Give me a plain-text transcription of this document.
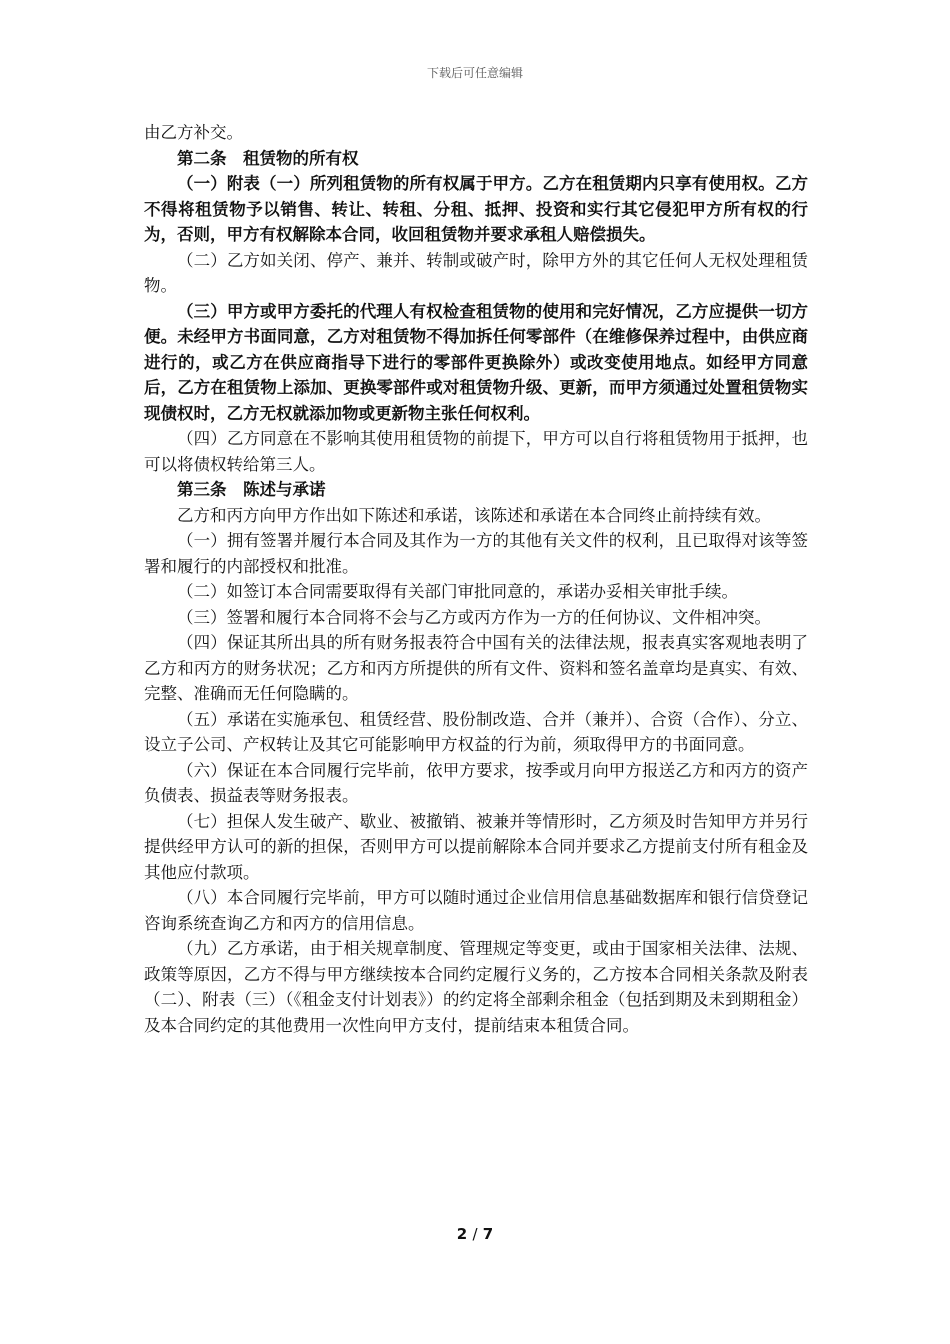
下载后可任意编辑

由乙方补交。

第二条　租赁物的所有权

（一）附表（一）所列租赁物的所有权属于甲方。乙方在租赁期内只享有使用权。乙方不得将租赁物予以销售、转让、转租、分租、抵押、投资和实行其它侵犯甲方所有权的行为，否则，甲方有权解除本合同，收回租赁物并要求承租人赔偿损失。

（二）乙方如关闭、停产、兼并、转制或破产时，除甲方外的其它任何人无权处理租赁物。

（三）甲方或甲方委托的代理人有权检查租赁物的使用和完好情况，乙方应提供一切方便。未经甲方书面同意，乙方对租赁物不得加拆任何零部件（在维修保养过程中，由供应商进行的，或乙方在供应商指导下进行的零部件更换除外）或改变使用地点。如经甲方同意后，乙方在租赁物上添加、更换零部件或对租赁物升级、更新，而甲方须通过处置租赁物实现债权时，乙方无权就添加物或更新物主张任何权利。

（四）乙方同意在不影响其使用租赁物的前提下，甲方可以自行将租赁物用于抵押，也可以将债权转给第三人。

第三条　陈述与承诺

乙方和丙方向甲方作出如下陈述和承诺，该陈述和承诺在本合同终止前持续有效。

（一）拥有签署并履行本合同及其作为一方的其他有关文件的权利，且已取得对该等签署和履行的内部授权和批准。

（二）如签订本合同需要取得有关部门审批同意的，承诺办妥相关审批手续。

（三）签署和履行本合同将不会与乙方或丙方作为一方的任何协议、文件相冲突。

（四）保证其所出具的所有财务报表符合中国有关的法律法规，报表真实客观地表明了乙方和丙方的财务状况；乙方和丙方所提供的所有文件、资料和签名盖章均是真实、有效、完整、准确而无任何隐瞒的。

（五）承诺在实施承包、租赁经营、股份制改造、合并（兼并）、合资（合作）、分立、设立子公司、产权转让及其它可能影响甲方权益的行为前，须取得甲方的书面同意。

（六）保证在本合同履行完毕前，依甲方要求，按季或月向甲方报送乙方和丙方的资产负债表、损益表等财务报表。

（七）担保人发生破产、歇业、被撤销、被兼并等情形时，乙方须及时告知甲方并另行提供经甲方认可的新的担保，否则甲方可以提前解除本合同并要求乙方提前支付所有租金及其他应付款项。

（八）本合同履行完毕前，甲方可以随时通过企业信用信息基础数据库和银行信贷登记咨询系统查询乙方和丙方的信用信息。

（九）乙方承诺，由于相关规章制度、管理规定等变更，或由于国家相关法律、法规、政策等原因，乙方不得与甲方继续按本合同约定履行义务的，乙方按本合同相关条款及附表（二）、附表（三）（《租金支付计划表》）的约定将全部剩余租金（包括到期及未到期租金）及本合同约定的其他费用一次性向甲方支付，提前结束本租赁合同。

2 / 7
